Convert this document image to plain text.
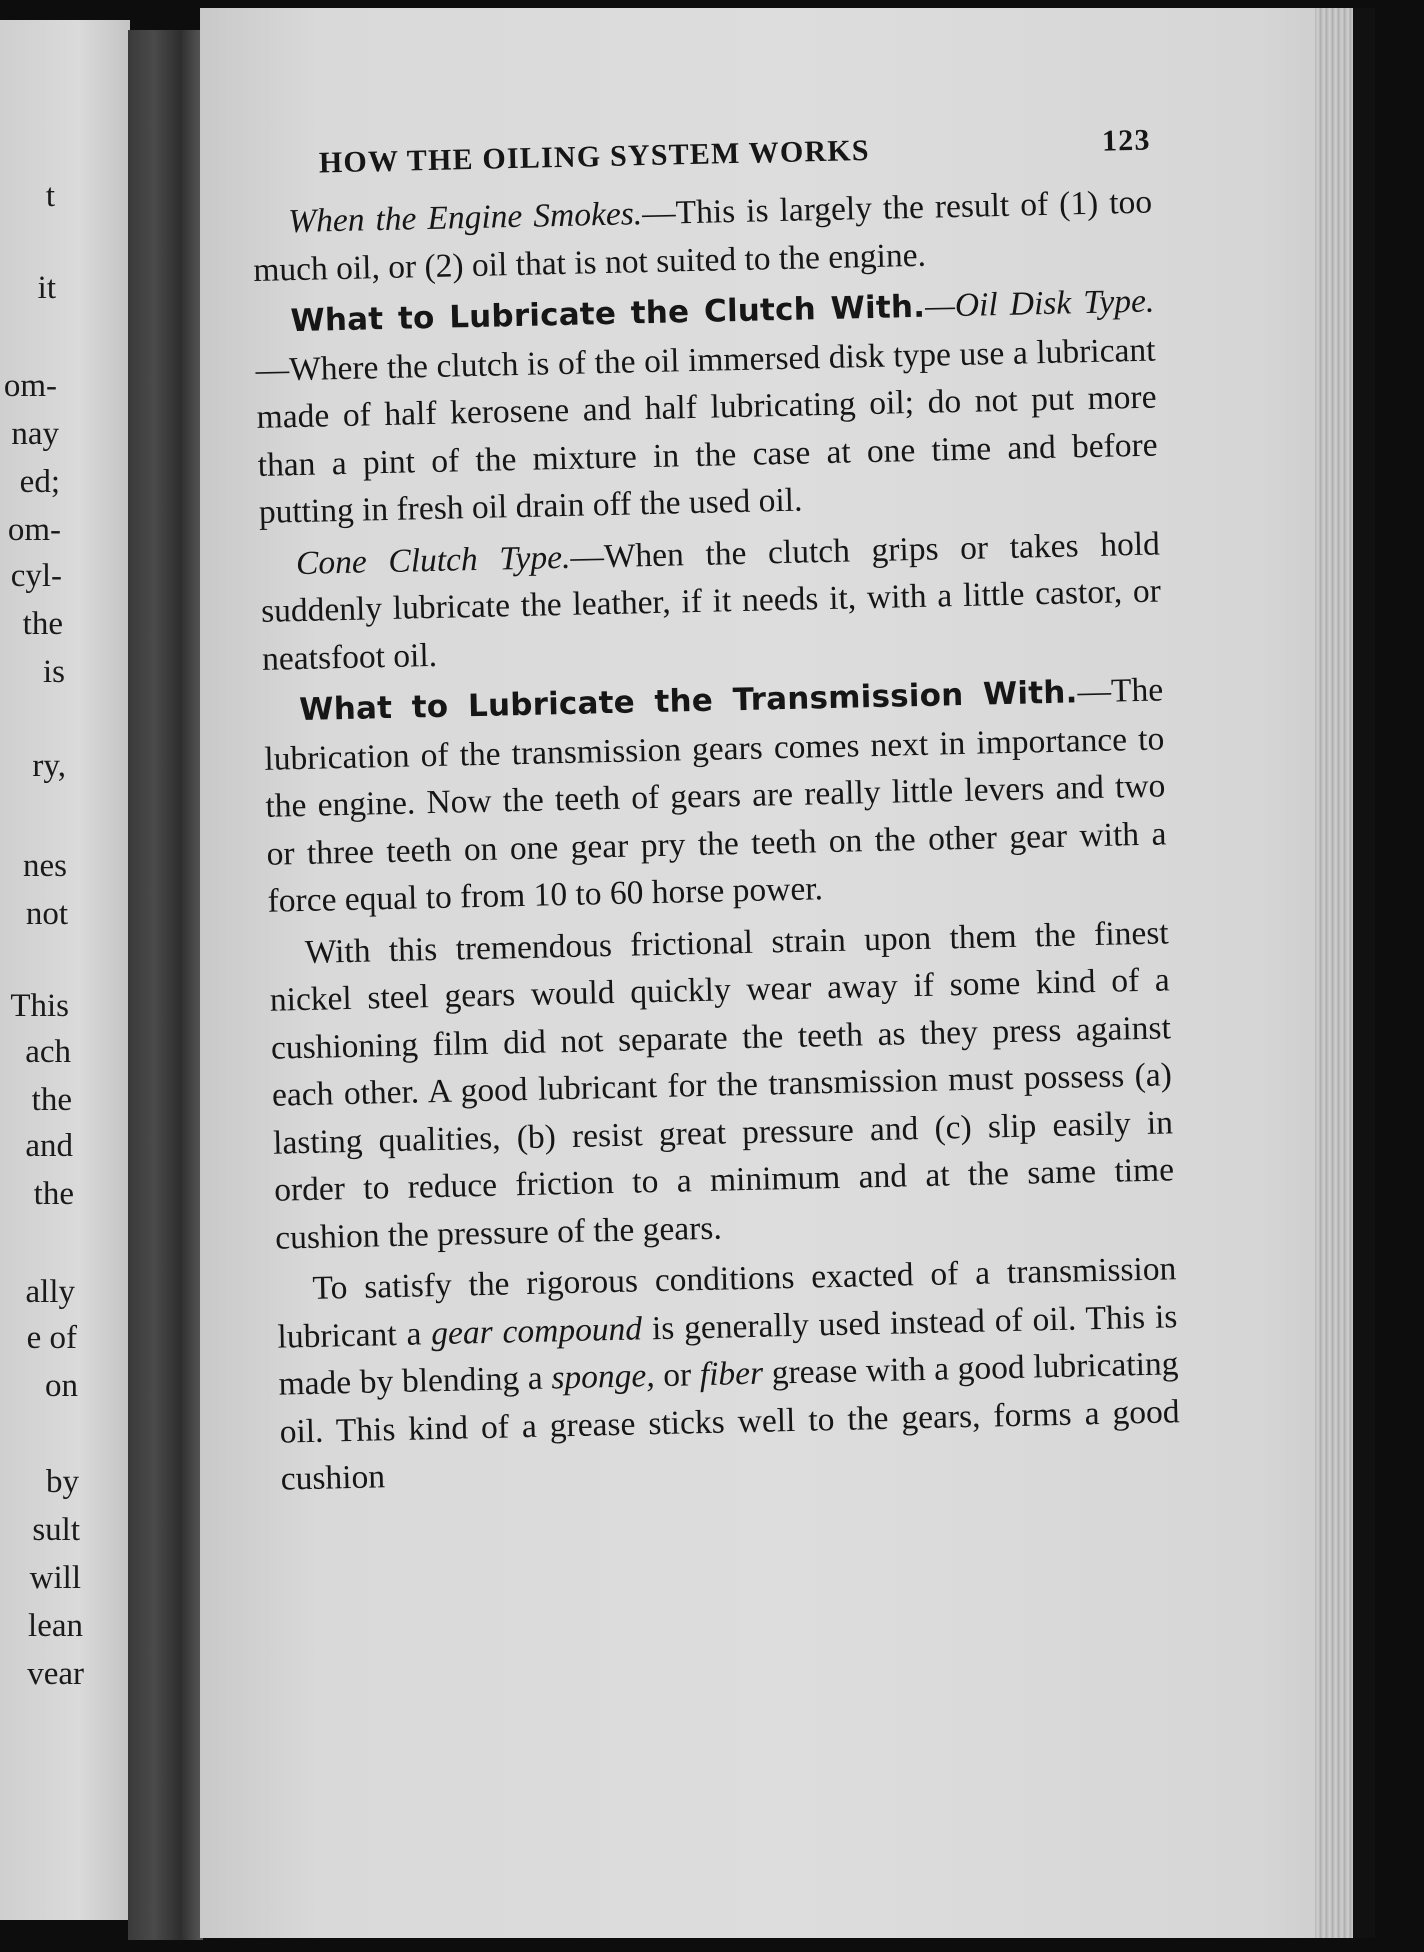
t
it
om-
nay
ed;
om-
cyl-
the
is
ry,
nes
not
This
ach
the
and
the
ally
e of
on
by
sult
will
lean
vear
HOW THE OILING SYSTEM WORKS	123

When the Engine Smokes.—This is largely the result of (1) too much oil, or (2) oil that is not suited to the engine.

What to Lubricate the Clutch With.—Oil Disk Type.—Where the clutch is of the oil immersed disk type use a lubricant made of half kerosene and half lubricating oil; do not put more than a pint of the mixture in the case at one time and before putting in fresh oil drain off the used oil.

Cone Clutch Type.—When the clutch grips or takes hold suddenly lubricate the leather, if it needs it, with a little castor, or neatsfoot oil.

What to Lubricate the Transmission With.—The lubrication of the transmission gears comes next in importance to the engine. Now the teeth of gears are really little levers and two or three teeth on one gear pry the teeth on the other gear with a force equal to from 10 to 60 horse power.

With this tremendous frictional strain upon them the finest nickel steel gears would quickly wear away if some kind of a cushioning film did not separate the teeth as they press against each other. A good lubricant for the transmission must possess (a) lasting qualities, (b) resist great pressure and (c) slip easily in order to reduce friction to a minimum and at the same time cushion the pressure of the gears.

To satisfy the rigorous conditions exacted of a transmission lubricant a gear compound is generally used instead of oil. This is made by blending a sponge, or fiber grease with a good lubricating oil. This kind of a grease sticks well to the gears, forms a good cushion
